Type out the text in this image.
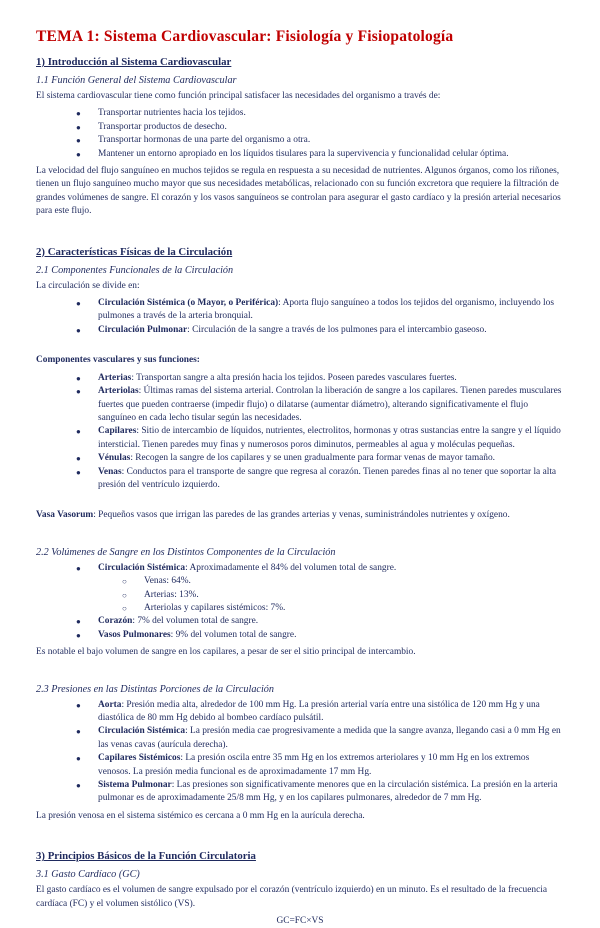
TEMA 1: Sistema Cardiovascular: Fisiología y Fisiopatología
1) Introducción al Sistema Cardiovascular
1.1 Función General del Sistema Cardiovascular

El sistema cardiovascular tiene como función principal satisfacer las necesidades del organismo a través de:

●	Transportar nutrientes hacia los tejidos.
●	Transportar productos de desecho.
●	Transportar hormonas de una parte del organismo a otra.
●	Mantener un entorno apropiado en los líquidos tisulares para la supervivencia y funcionalidad celular óptima.

La velocidad del flujo sanguíneo en muchos tejidos se regula en respuesta a su necesidad de nutrientes. Algunos órganos, como los riñones, tienen un flujo sanguíneo mucho mayor que sus necesidades metabólicas, relacionado con su función excretora que requiere la filtración de grandes volúmenes de sangre. El corazón y los vasos sanguíneos se controlan para asegurar el gasto cardíaco y la presión arterial necesarios para este flujo.

2) Características Físicas de la Circulación
2.1 Componentes Funcionales de la Circulación

La circulación se divide en:

●	Circulación Sistémica (o Mayor, o Periférica): Aporta flujo sanguíneo a todos los tejidos del organismo, incluyendo los pulmones a través de la arteria bronquial.
●	Circulación Pulmonar: Circulación de la sangre a través de los pulmones para el intercambio gaseoso.

Componentes vasculares y sus funciones:

●	Arterias: Transportan sangre a alta presión hacia los tejidos. Poseen paredes vasculares fuertes.
●	Arteriolas: Últimas ramas del sistema arterial. Controlan la liberación de sangre a los capilares. Tienen paredes musculares fuertes que pueden contraerse (impedir flujo) o dilatarse (aumentar diámetro), alterando significativamente el flujo sanguíneo en cada lecho tisular según las necesidades.
●	Capilares: Sitio de intercambio de líquidos, nutrientes, electrolitos, hormonas y otras sustancias entre la sangre y el líquido intersticial. Tienen paredes muy finas y numerosos poros diminutos, permeables al agua y moléculas pequeñas.
●	Vénulas: Recogen la sangre de los capilares y se unen gradualmente para formar venas de mayor tamaño.
●	Venas: Conductos para el transporte de sangre que regresa al corazón. Tienen paredes finas al no tener que soportar la alta presión del ventrículo izquierdo.

Vasa Vasorum: Pequeños vasos que irrigan las paredes de las grandes arterias y venas, suministrándoles nutrientes y oxígeno.

2.2 Volúmenes de Sangre en los Distintos Componentes de la Circulación
●	Circulación Sistémica: Aproximadamente el 84% del volumen total de sangre.
○	Venas: 64%.
○	Arterias: 13%.
○	Arteriolas y capilares sistémicos: 7%.
●	Corazón: 7% del volumen total de sangre.
●	Vasos Pulmonares: 9% del volumen total de sangre.

Es notable el bajo volumen de sangre en los capilares, a pesar de ser el sitio principal de intercambio.

2.3 Presiones en las Distintas Porciones de la Circulación
●	Aorta: Presión media alta, alrededor de 100 mm Hg. La presión arterial varía entre una sistólica de 120 mm Hg y una diastólica de 80 mm Hg debido al bombeo cardíaco pulsátil.
●	Circulación Sistémica: La presión media cae progresivamente a medida que la sangre avanza, llegando casi a 0 mm Hg en las venas cavas (aurícula derecha).
●	Capilares Sistémicos: La presión oscila entre 35 mm Hg en los extremos arteriolares y 10 mm Hg en los extremos venosos. La presión media funcional es de aproximadamente 17 mm Hg.
●	Sistema Pulmonar: Las presiones son significativamente menores que en la circulación sistémica. La presión en la arteria pulmonar es de aproximadamente 25/8 mm Hg, y en los capilares pulmonares, alrededor de 7 mm Hg.

La presión venosa en el sistema sistémico es cercana a 0 mm Hg en la aurícula derecha.

3) Principios Básicos de la Función Circulatoria
3.1 Gasto Cardíaco (GC)

El gasto cardíaco es el volumen de sangre expulsado por el corazón (ventrículo izquierdo) en un minuto. Es el resultado de la frecuencia cardíaca (FC) y el volumen sistólico (VS).

GC=FC×VS
